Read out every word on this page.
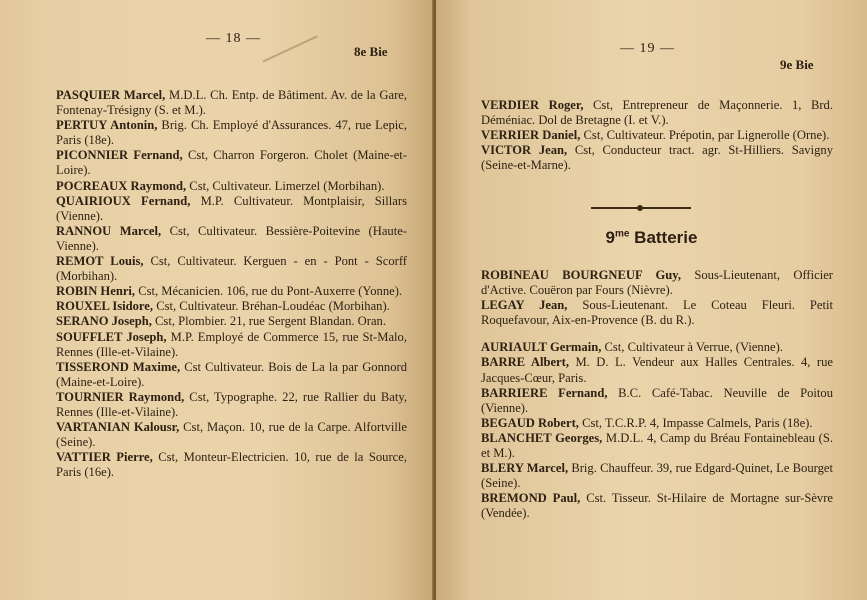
— 18 —
8e Bie

PASQUIER Marcel, M.D.L. Ch. Entp. de Bâtiment. Av. de la Gare, Fontenay-Trésigny (S. et M.).

PERTUY Antonin, Brig. Ch. Employé d'Assurances. 47, rue Lepic, Paris (18e).

PICONNIER Fernand, Cst, Charron Forgeron. Cholet (Maine-et-Loire).

POCREAUX Raymond, Cst, Cultivateur. Limerzel (Morbihan).

QUAIRIOUX Fernand, M.P. Cultivateur. Montplaisir, Sillars (Vienne).

RANNOU Marcel, Cst, Cultivateur. Bessière-Poitevine (Haute-Vienne).

REMOT Louis, Cst, Cultivateur. Kerguen - en - Pont - Scorff (Morbihan).

ROBIN Henri, Cst, Mécanicien. 106, rue du Pont-Auxerre (Yonne).

ROUXEL Isidore, Cst, Cultivateur. Bréhan-Loudéac (Morbihan).

SERANO Joseph, Cst, Plombier. 21, rue Sergent Blandan. Oran.

SOUFFLET Joseph, M.P. Employé de Commerce 15, rue St-Malo, Rennes (Ille-et-Vilaine).

TISSEROND Maxime, Cst Cultivateur. Bois de La la par Gonnord (Maine-et-Loire).

TOURNIER Raymond, Cst, Typographe. 22, rue Rallier du Baty, Rennes (Ille-et-Vilaine).

VARTANIAN Kalousr, Cst, Maçon. 10, rue de la Carpe. Alfortville (Seine).

VATTIER Pierre, Cst, Monteur-Electricien. 10, rue de la Source, Paris (16e).

— 19 —
9e Bie

VERDIER Roger, Cst, Entrepreneur de Maçonnerie. 1, Brd. Déméniac. Dol de Bretagne (I. et V.).

VERRIER Daniel, Cst, Cultivateur. Prépotin, par Lignerolle (Orne).

VICTOR Jean, Cst, Conducteur tract. agr. St-Hilliers. Savigny (Seine-et-Marne).

$9^{me}$ Batterie

ROBINEAU BOURGNEUF Guy, Sous-Lieutenant, Officier d'Active. Couëron par Fours (Nièvre).

LEGAY Jean, Sous-Lieutenant. Le Coteau Fleuri. Petit Roquefavour, Aix-en-Provence (B. du R.).

AURIAULT Germain, Cst, Cultivateur à Verrue, (Vienne).

BARRE Albert, M. D. L. Vendeur aux Halles Centrales. 4, rue Jacques-Cœur, Paris.

BARRIERE Fernand, B.C. Café-Tabac. Neuville de Poitou (Vienne).

BEGAUD Robert, Cst, T.C.R.P. 4, Impasse Calmels, Paris (18e).

BLANCHET Georges, M.D.L. 4, Camp du Bréau Fontainebleau (S. et M.).

BLERY Marcel, Brig. Chauffeur. 39, rue Edgard-Quinet, Le Bourget (Seine).

BREMOND Paul, Cst. Tisseur. St-Hilaire de Mortagne sur-Sèvre (Vendée).
